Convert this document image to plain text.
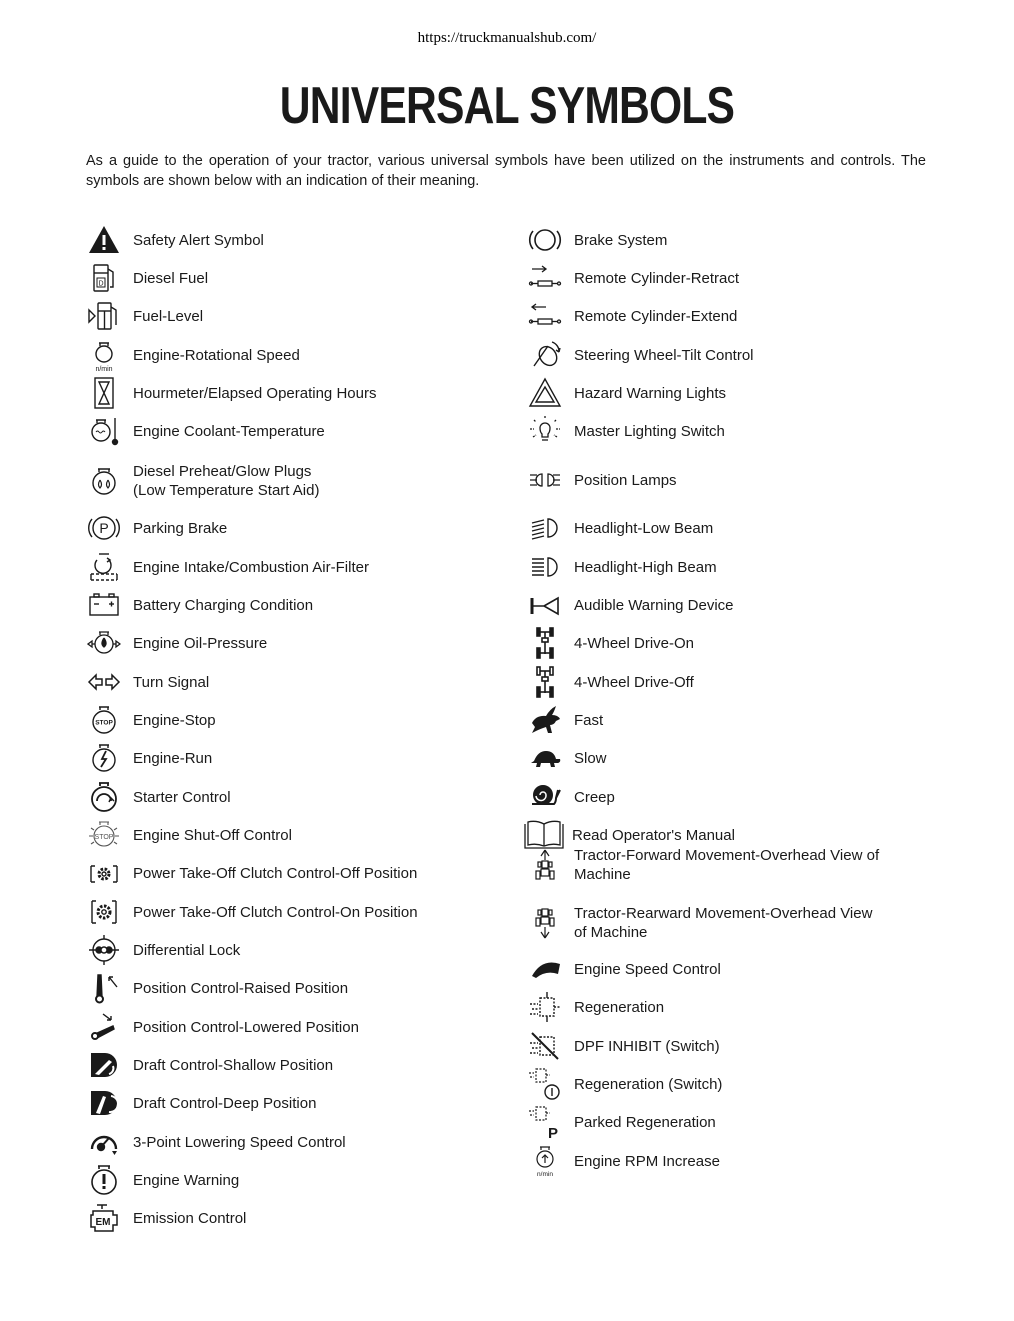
https://truckmanualshub.com/
UNIVERSAL SYMBOLS

As a guide to the operation of your tractor, various universal symbols have been utilized on the instruments and controls. The symbols are shown below with an indication of their meaning.

Safety Alert Symbol
D Diesel Fuel
Fuel-Level
n/min
Engine-Rotational Speed
Hourmeter/Elapsed Operating Hours
Engine Coolant-Temperature
Diesel Preheat/Glow Plugs
(Low Temperature Start Aid)
P Parking Brake
Engine Intake/Combustion Air-Filter
Battery Charging Condition
Engine Oil-Pressure
Turn Signal
STOP Engine-Stop
Engine-Run
Starter Control
STOP Engine Shut-Off Control
Power Take-Off Clutch Control-Off Position
Power Take-Off Clutch Control-On Position
Differential Lock
Position Control-Raised Position
Position Control-Lowered Position
Draft Control-Shallow Position
Draft Control-Deep Position
3-Point Lowering Speed Control
Engine Warning
EM Emission Control
Brake System
Remote Cylinder-Retract
Remote Cylinder-Extend
Steering Wheel-Tilt Control
Hazard Warning Lights
Master Lighting Switch
Position Lamps
Headlight-Low Beam
Headlight-High Beam
Audible Warning Device
4-Wheel Drive-On
4-Wheel Drive-Off
Fast
Slow
Creep
Read Operator's Manual
Tractor-Forward Movement-Overhead View of
Machine
Tractor-Rearward Movement-Overhead View
of Machine
Engine Speed Control
Regeneration
DPF INHIBIT (Switch)
Regeneration (Switch)
P
Parked Regeneration
n/min
Engine RPM Increase
